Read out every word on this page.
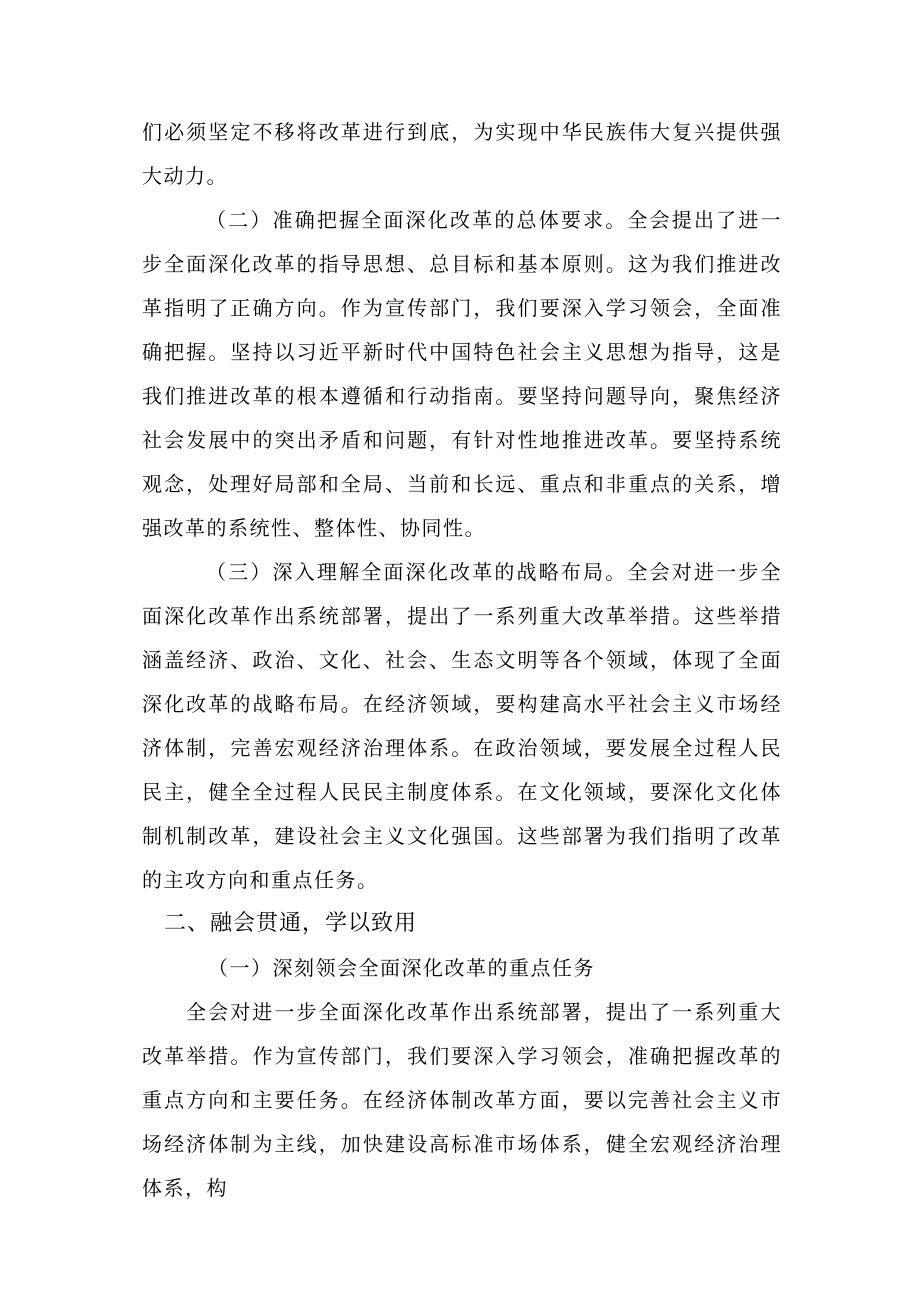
们必须坚定不移将改革进行到底，为实现中华民族伟大复兴提供强大动力。

（二）准确把握全面深化改革的总体要求。全会提出了进一步全面深化改革的指导思想、总目标和基本原则。这为我们推进改革指明了正确方向。作为宣传部门，我们要深入学习领会，全面准确把握。坚持以习近平新时代中国特色社会主义思想为指导，这是我们推进改革的根本遵循和行动指南。要坚持问题导向，聚焦经济社会发展中的突出矛盾和问题，有针对性地推进改革。要坚持系统观念，处理好局部和全局、当前和长远、重点和非重点的关系，增强改革的系统性、整体性、协同性。

（三）深入理解全面深化改革的战略布局。全会对进一步全面深化改革作出系统部署，提出了一系列重大改革举措。这些举措涵盖经济、政治、文化、社会、生态文明等各个领域，体现了全面深化改革的战略布局。在经济领域，要构建高水平社会主义市场经济体制，完善宏观经济治理体系。在政治领域，要发展全过程人民民主，健全全过程人民民主制度体系。在文化领域，要深化文化体制机制改革，建设社会主义文化强国。这些部署为我们指明了改革的主攻方向和重点任务。

二、融会贯通，学以致用

（一）深刻领会全面深化改革的重点任务

全会对进一步全面深化改革作出系统部署，提出了一系列重大改革举措。作为宣传部门，我们要深入学习领会，准确把握改革的重点方向和主要任务。在经济体制改革方面，要以完善社会主义市场经济体制为主线，加快建设高标准市场体系，健全宏观经济治理体系，构
